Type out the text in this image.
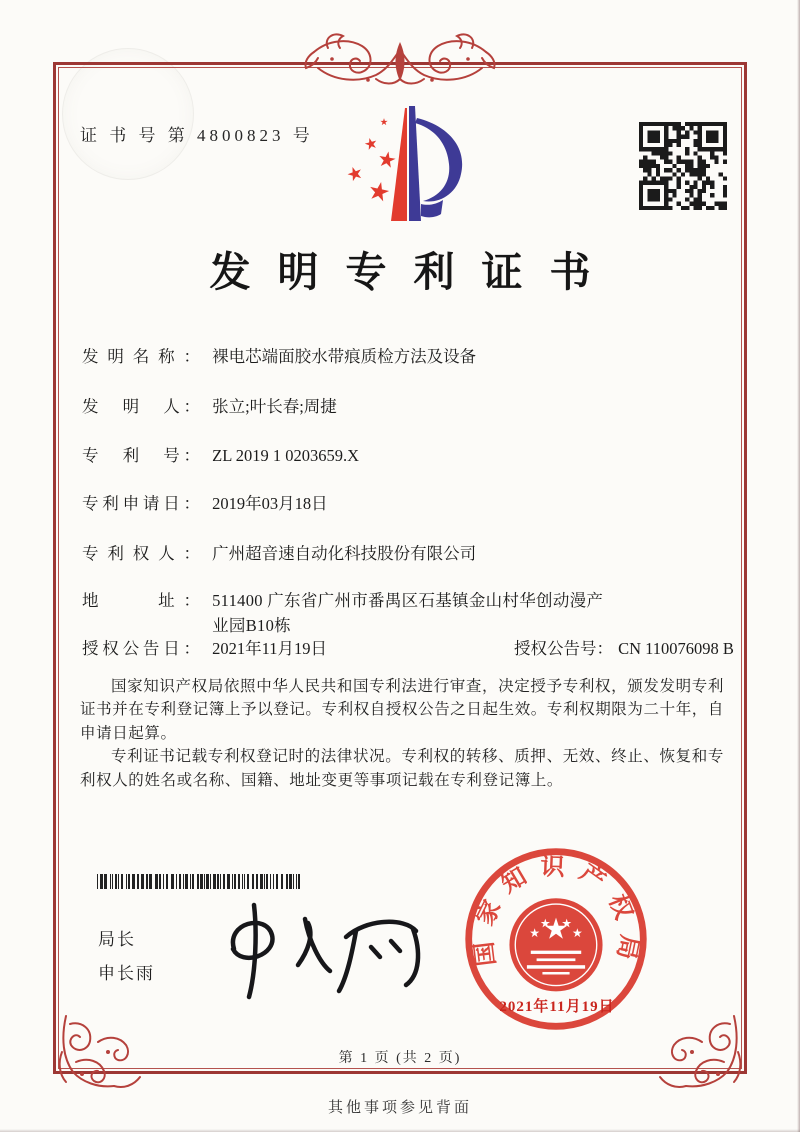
证 书 号 第 4800823 号
发明专利证书
发明名称： 裸电芯端面胶水带痕质检方法及设备
发　明　人： 张立;叶长春;周捷
专　利　号： ZL 2019 1 0203659.X
专利申请日： 2019年03月18日
专利权人： 广州超音速自动化科技股份有限公司
地　　址： 511400 广东省广州市番禺区石基镇金山村华创动漫产业园B10栋
授权公告日： 2021年11月19日	授权公告号： CN 110076098 B

国家知识产权局依照中华人民共和国专利法进行审查，决定授予专利权，颁发发明专利证书并在专利登记簿上予以登记。专利权自授权公告之日起生效。专利权期限为二十年，自申请日起算。

专利证书记载专利权登记时的法律状况。专利权的转移、质押、无效、终止、恢复和专利权人的姓名或名称、国籍、地址变更等事项记载在专利登记簿上。

局长
申长雨
国家知识产权局
2021年11月19日
第 1 页 (共 2 页)
其他事项参见背面
